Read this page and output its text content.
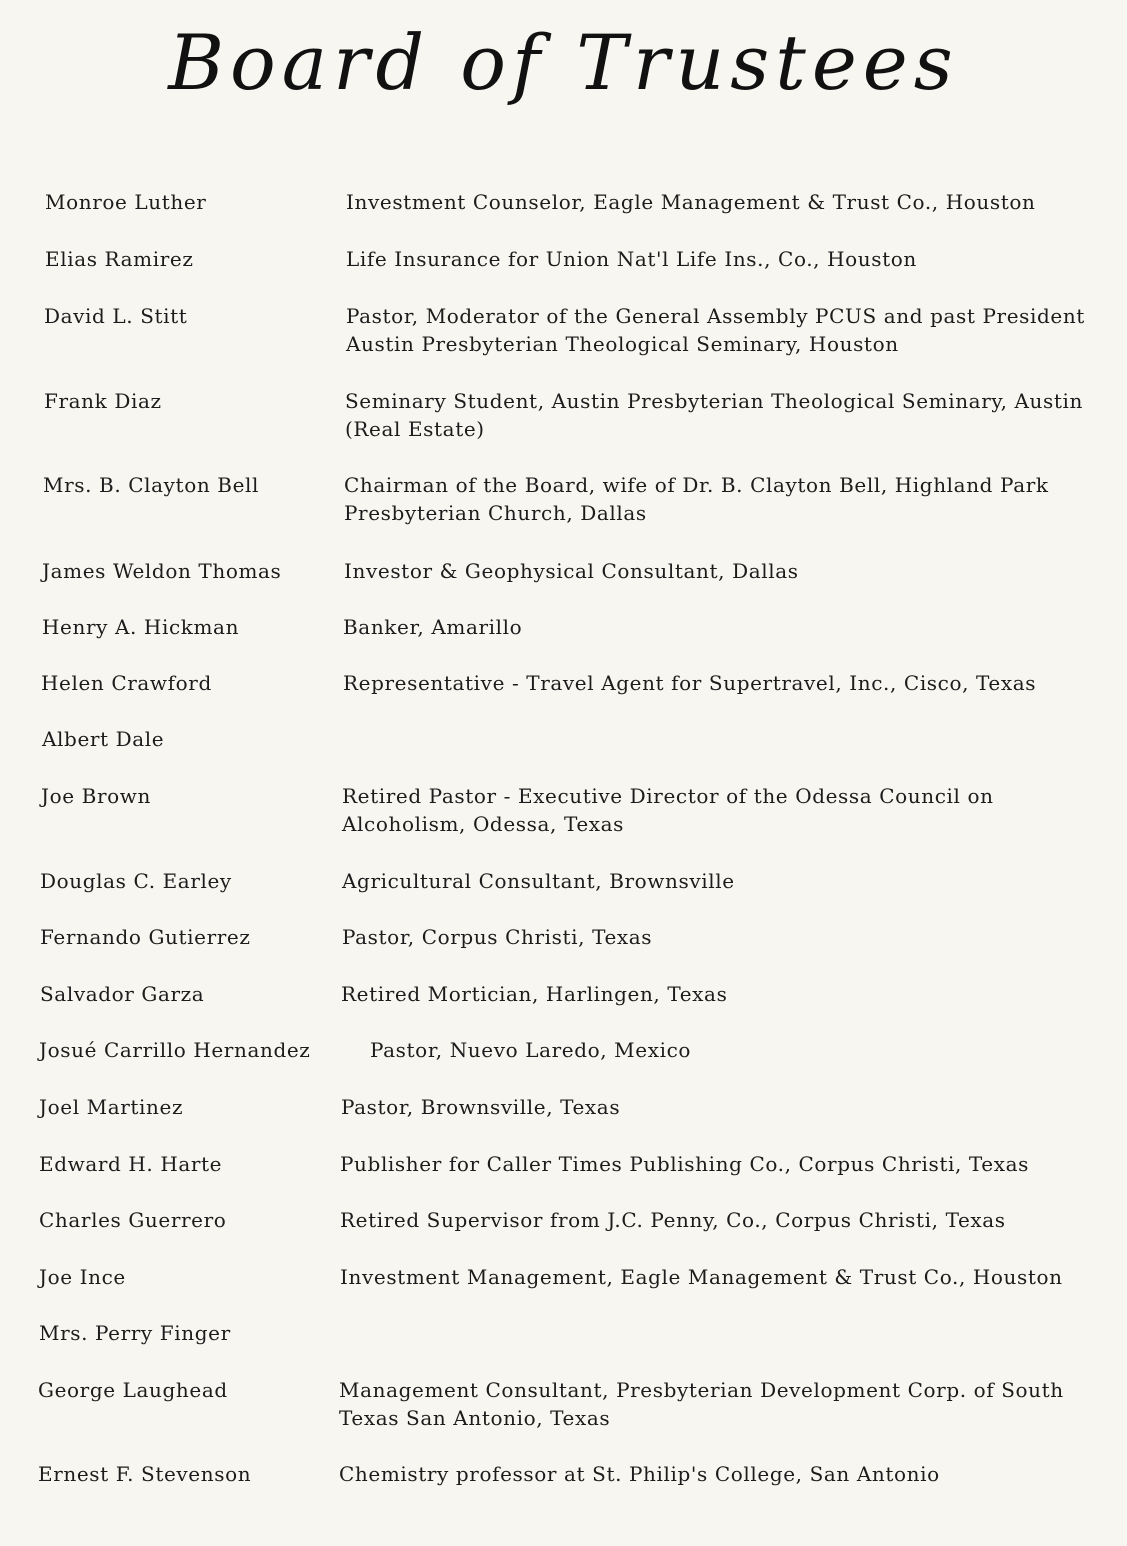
Board of Trustees
Monroe Luther	Investment Counselor, Eagle Management & Trust Co., Houston
Elias Ramirez	Life Insurance for Union Nat'l Life Ins., Co., Houston
David L. Stitt	Pastor, Moderator of the General Assembly PCUS and past President
Austin Presbyterian Theological Seminary, Houston
Frank Diaz	Seminary Student, Austin Presbyterian Theological Seminary, Austin
(Real Estate)
Mrs. B. Clayton Bell	Chairman of the Board, wife of Dr. B. Clayton Bell, Highland Park
Presbyterian Church, Dallas
James Weldon Thomas	Investor & Geophysical Consultant, Dallas
Henry A. Hickman	Banker, Amarillo
Helen Crawford	Representative - Travel Agent for Supertravel, Inc., Cisco, Texas
Albert Dale
Joe Brown	Retired Pastor - Executive Director of the Odessa Council on
Alcoholism, Odessa, Texas
Douglas C. Earley	Agricultural Consultant, Brownsville
Fernando Gutierrez	Pastor, Corpus Christi, Texas
Salvador Garza	Retired Mortician, Harlingen, Texas
Josué Carrillo Hernandez	Pastor, Nuevo Laredo, Mexico
Joel Martinez	Pastor, Brownsville, Texas
Edward H. Harte	Publisher for Caller Times Publishing Co., Corpus Christi, Texas
Charles Guerrero	Retired Supervisor from J.C. Penny, Co., Corpus Christi, Texas
Joe Ince	Investment Management, Eagle Management & Trust Co., Houston
Mrs. Perry Finger
George Laughead	Management Consultant, Presbyterian Development Corp. of South
Texas San Antonio, Texas
Ernest F. Stevenson	Chemistry professor at St. Philip's College, San Antonio
